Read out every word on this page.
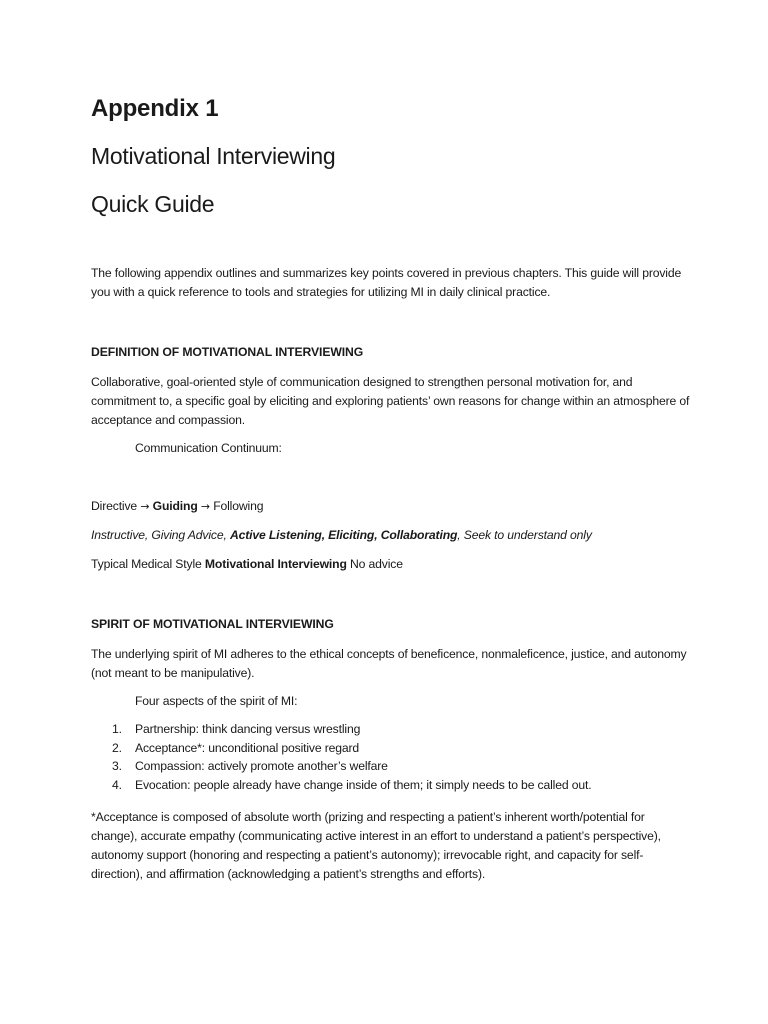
Appendix 1
Motivational Interviewing
Quick Guide
The following appendix outlines and summarizes key points covered in previous chapters. This guide will provide you with a quick reference to tools and strategies for utilizing MI in daily clinical practice.
DEFINITION OF MOTIVATIONAL INTERVIEWING
Collaborative, goal-oriented style of communication designed to strengthen personal motivation for, and commitment to, a specific goal by eliciting and exploring patients’ own reasons for change within an atmosphere of acceptance and compassion.
Communication Continuum:
Directive → Guiding → Following
Instructive, Giving Advice, Active Listening, Eliciting, Collaborating, Seek to understand only
Typical Medical Style Motivational Interviewing No advice
SPIRIT OF MOTIVATIONAL INTERVIEWING
The underlying spirit of MI adheres to the ethical concepts of beneficence, nonmaleficence, justice, and autonomy (not meant to be manipulative).
Four aspects of the spirit of MI:
1. Partnership: think dancing versus wrestling
2. Acceptance*: unconditional positive regard
3. Compassion: actively promote another’s welfare
4. Evocation: people already have change inside of them; it simply needs to be called out.
*Acceptance is composed of absolute worth (prizing and respecting a patient’s inherent worth/potential for change), accurate empathy (communicating active interest in an effort to understand a patient’s perspective), autonomy support (honoring and respecting a patient’s autonomy); irrevocable right, and capacity for self-direction), and affirmation (acknowledging a patient’s strengths and efforts).
